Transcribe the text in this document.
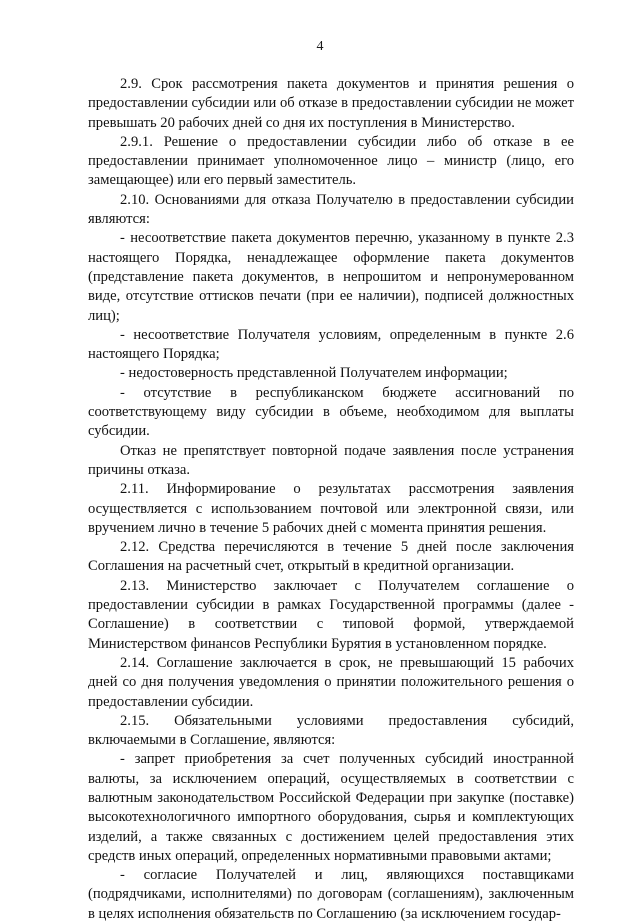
4

2.9. Срок рассмотрения пакета документов и принятия решения о предоставлении субсидии или об отказе в предоставлении субсидии не может превышать 20 рабочих дней со дня их поступления в Министерство.

2.9.1. Решение о предоставлении субсидии либо об отказе в ее предоставлении принимает уполномоченное лицо – министр (лицо, его замещающее) или его первый заместитель.

2.10. Основаниями для отказа Получателю в предоставлении субсидии являются:

- несоответствие пакета документов перечню, указанному в пункте 2.3 настоящего Порядка, ненадлежащее оформление пакета документов (представление пакета документов, в непрошитом и непронумерованном виде, отсутствие оттисков печати (при ее наличии), подписей должностных лиц);

- несоответствие Получателя условиям, определенным в пункте 2.6 настоящего Порядка;

- недостоверность представленной Получателем информации;

- отсутствие в республиканском бюджете ассигнований по соответствующему виду субсидии в объеме, необходимом для выплаты субсидии.

Отказ не препятствует повторной подаче заявления после устранения причины отказа.

2.11. Информирование о результатах рассмотрения заявления осуществляется с использованием почтовой или электронной связи, или вручением лично в течение 5 рабочих дней с момента принятия решения.

2.12. Средства перечисляются в течение 5 дней после заключения Соглашения на расчетный счет, открытый в кредитной организации.

2.13. Министерство заключает с Получателем соглашение о предоставлении субсидии в рамках Государственной программы (далее - Соглашение) в соответствии с типовой формой, утверждаемой Министерством финансов Республики Бурятия в установленном порядке.

2.14. Соглашение заключается в срок, не превышающий 15 рабочих дней со дня получения уведомления о принятии положительного решения о предоставлении субсидии.

2.15. Обязательными условиями предоставления субсидий, включаемыми в Соглашение, являются:

- запрет приобретения за счет полученных субсидий иностранной валюты, за исключением операций, осуществляемых в соответствии с валютным законодательством Российской Федерации при закупке (поставке) высокотехнологичного импортного оборудования, сырья и комплектующих изделий, а также связанных с достижением целей предоставления этих средств иных операций, определенных нормативными правовыми актами;

- согласие Получателей и лиц, являющихся поставщиками (подрядчиками, исполнителями) по договорам (соглашениям), заключенным в целях исполнения обязательств по Соглашению (за исключением государ-
